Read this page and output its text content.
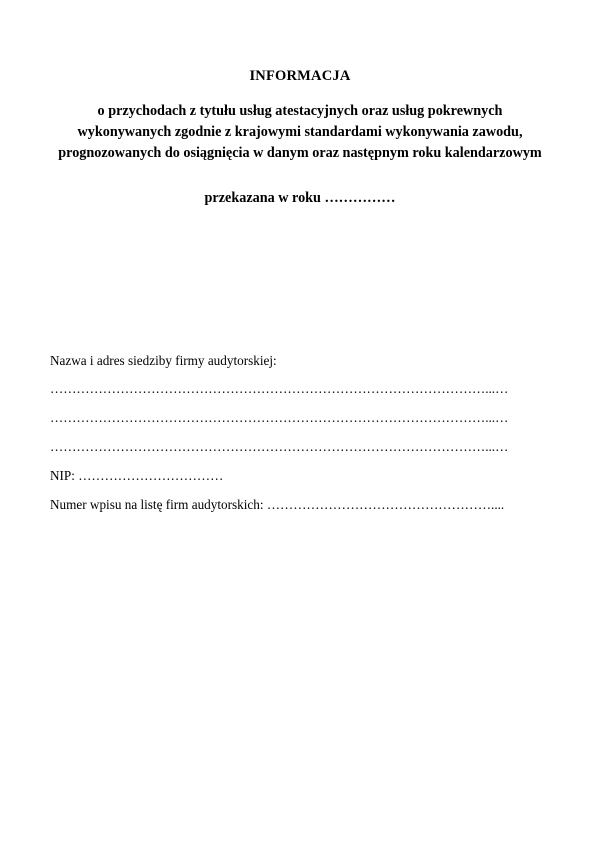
INFORMACJA
o przychodach z tytułu usług atestacyjnych oraz usług pokrewnych wykonywanych zgodnie z krajowymi standardami wykonywania zawodu, prognozowanych do osiągnięcia w danym oraz następnym roku kalendarzowym
przekazana w roku ……………
Nazwa i adres siedziby firmy audytorskiej:
………………………………………………………………………………………...…
………………………………………………………………………………………...…
………………………………………………………………………………………...…
NIP: ……………………………
Numer wpisu na listę firm audytorskich: ……………………………………………....
